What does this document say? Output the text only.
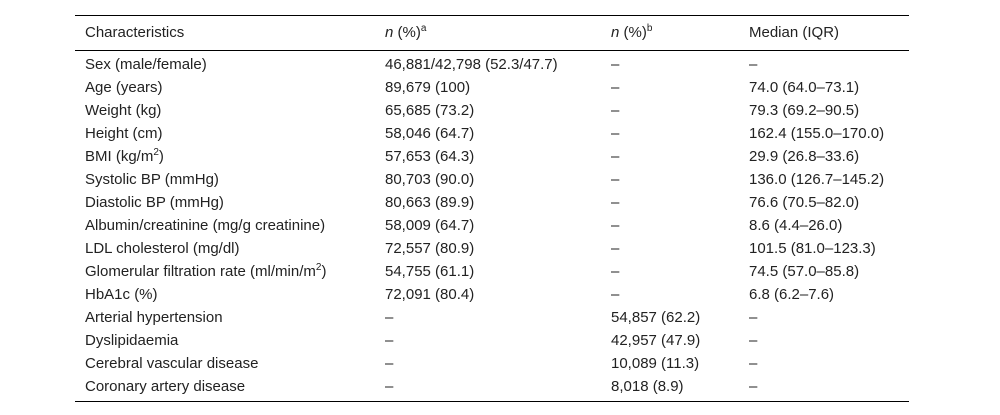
Characteristics	n (%)$^a$	n (%)$^b$	Median (IQR)
Sex (male/female)	46,881/42,798 (52.3/47.7)	–	–
Age (years)	89,679 (100)	–	74.0 (64.0–73.1)
Weight (kg)	65,685 (73.2)	–	79.3 (69.2–90.5)
Height (cm)	58,046 (64.7)	–	162.4 (155.0–170.0)
BMI $(kg/m^2)$	57,653 (64.3)	–	29.9 (26.8–33.6)
Systolic BP (mmHg)	80,703 (90.0)	–	136.0 (126.7–145.2)
Diastolic BP (mmHg)	80,663 (89.9)	–	76.6 (70.5–82.0)
Albumin/creatinine (mg/g creatinine)	58,009 (64.7)	–	8.6 (4.4–26.0)
LDL cholesterol (mg/dl)	72,557 (80.9)	–	101.5 (81.0–123.3)
Glomerular filtration rate $(ml/\min/m^2)$	54,755 (61.1)	–	74.5 (57.0–85.8)
HbA1c (%)	72,091 (80.4)	–	6.8 (6.2–7.6)
Arterial hypertension	–	54,857 (62.2)	–
Dyslipidaemia	–	42,957 (47.9)	–
Cerebral vascular disease	–	10,089 (11.3)	–
Coronary artery disease	–	8,018 (8.9)	–
